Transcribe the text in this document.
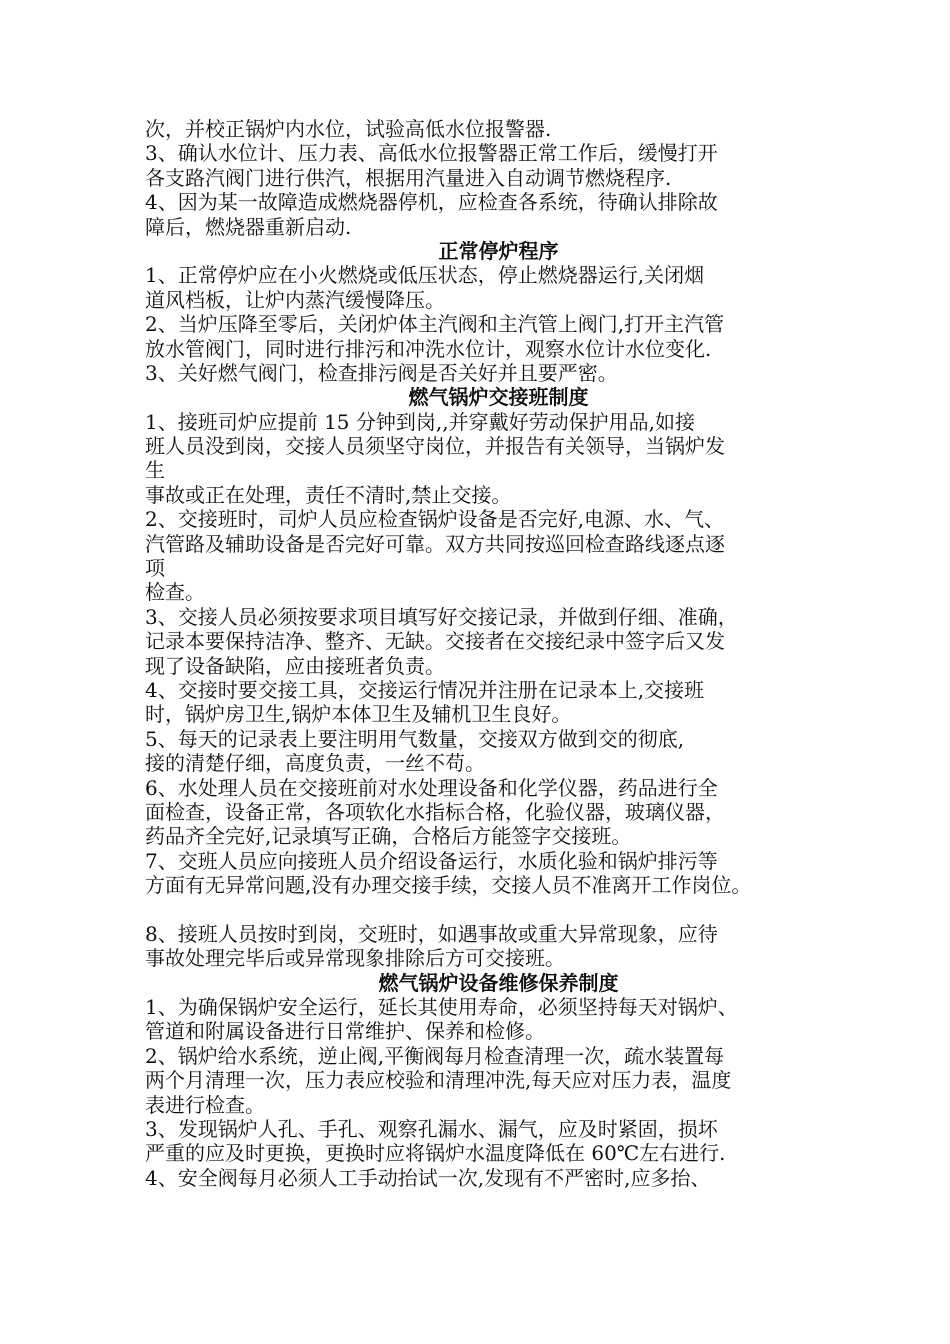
次，并校正锅炉内水位，试验高低水位报警器.
3、确认水位计、压力表、高低水位报警器正常工作后，缓慢打开
各支路汽阀门进行供汽，根据用汽量进入自动调节燃烧程序.
4、因为某一故障造成燃烧器停机，应检查各系统，待确认排除故
障后，燃烧器重新启动.
正常停炉程序
1、正常停炉应在小火燃烧或低压状态，停止燃烧器运行,关闭烟
道风档板，让炉内蒸汽缓慢降压。
2、当炉压降至零后，关闭炉体主汽阀和主汽管上阀门,打开主汽管
放水管阀门，同时进行排污和冲洗水位计，观察水位计水位变化.
3、关好燃气阀门，检查排污阀是否关好并且要严密。
燃气锅炉交接班制度
1、接班司炉应提前 15 分钟到岗,,并穿戴好劳动保护用品,如接
班人员没到岗，交接人员须坚守岗位，并报告有关领导，当锅炉发
生
事故或正在处理，责任不清时,禁止交接。
2、交接班时，司炉人员应检查锅炉设备是否完好,电源、水、气、
汽管路及辅助设备是否完好可靠。双方共同按巡回检查路线逐点逐
项
检查。
3、交接人员必须按要求项目填写好交接记录，并做到仔细、准确，
记录本要保持洁净、整齐、无缺。交接者在交接纪录中签字后又发
现了设备缺陷，应由接班者负责。
4、交接时要交接工具，交接运行情况并注册在记录本上,交接班
时，锅炉房卫生,锅炉本体卫生及辅机卫生良好。
5、每天的记录表上要注明用气数量，交接双方做到交的彻底,
接的清楚仔细，高度负责，一丝不苟。
6、水处理人员在交接班前对水处理设备和化学仪器，药品进行全
面检查，设备正常，各项软化水指标合格，化验仪器，玻璃仪器，
药品齐全完好,记录填写正确，合格后方能签字交接班。
7、交班人员应向接班人员介绍设备运行，水质化验和锅炉排污等
方面有无异常问题,没有办理交接手续，交接人员不准离开工作岗位。
8、接班人员按时到岗，交班时，如遇事故或重大异常现象，应待
事故处理完毕后或异常现象排除后方可交接班。
燃气锅炉设备维修保养制度
1、为确保锅炉安全运行，延长其使用寿命，必须坚持每天对锅炉、
管道和附属设备进行日常维护、保养和检修。
2、锅炉给水系统，逆止阀,平衡阀每月检查清理一次，疏水装置每
两个月清理一次，压力表应校验和清理冲洗,每天应对压力表，温度
表进行检查。
3、发现锅炉人孔、手孔、观察孔漏水、漏气，应及时紧固，损坏
严重的应及时更换，更换时应将锅炉水温度降低在 60℃左右进行.
4、安全阀每月必须人工手动抬试一次,发现有不严密时,应多抬、
